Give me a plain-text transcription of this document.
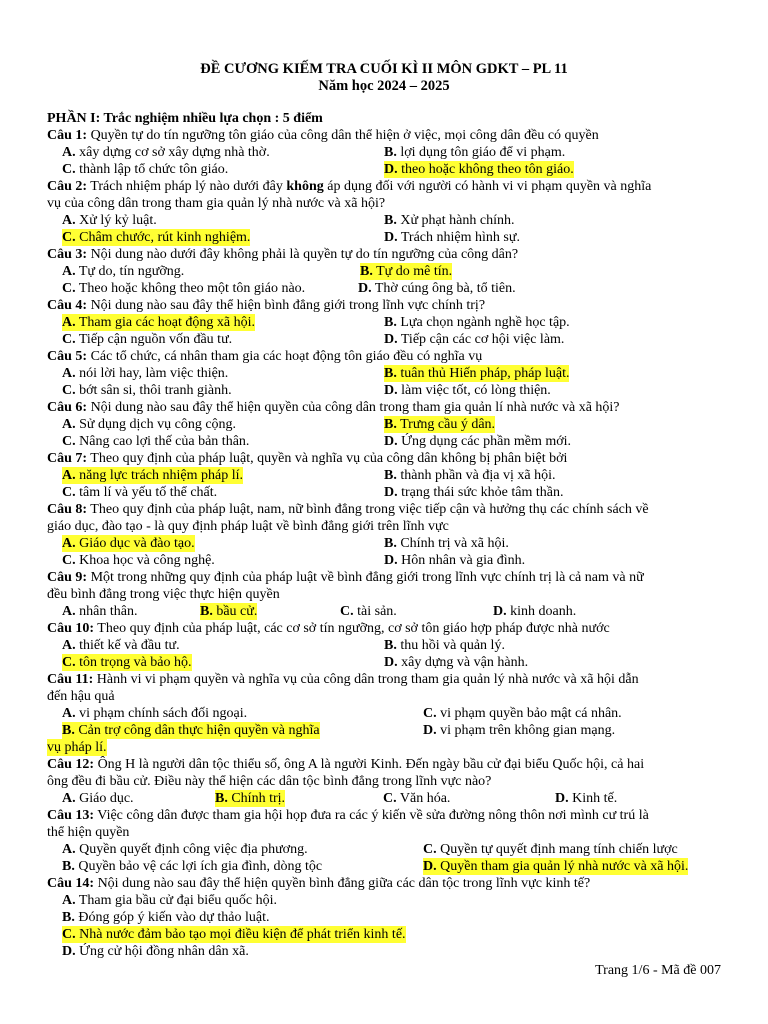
ĐỀ CƯƠNG KIẾM TRA CUỐI KÌ II MÔN GDKT – PL 11
Năm học 2024 – 2025
PHẦN I: Trắc nghiệm nhiều lựa chọn : 5 điểm
Câu 1: Quyền tự do tín ngưỡng tôn giáo của công dân thể hiện ở việc, mọi công dân đều có quyền
A. xây dựng cơ sở xây dựng nhà thờ.	B. lợi dụng tôn giáo để vi phạm.
C. thành lập tổ chức tôn giáo.	D. theo hoặc không theo tôn giáo.
Câu 2: Trách nhiệm pháp lý nào dưới đây không áp dụng đối với người có hành vi vi phạm quyền và nghĩa
vụ của công dân trong tham gia quản lý nhà nước và xã hội?
A. Xử lý kỷ luật.	B. Xử phạt hành chính.
C. Châm chước, rút kinh nghiệm.	D. Trách nhiệm hình sự.
Câu 3: Nội dung nào dưới đây không phải là quyền tự do tín ngưỡng của công dân?
A. Tự do, tín ngưỡng.	B. Tự do mê tín.
C. Theo hoặc không theo một tôn giáo nào.	D. Thờ cúng ông bà, tổ tiên.
Câu 4: Nội dung nào sau đây thể hiện bình đẳng giới trong lĩnh vực chính trị?
A. Tham gia các hoạt động xã hội.	B. Lựa chọn ngành nghề học tập.
C. Tiếp cận nguồn vốn đầu tư.	D. Tiếp cận các cơ hội việc làm.
Câu 5: Các tổ chức, cá nhân tham gia các hoạt động tôn giáo đều có nghĩa vụ
A. nói lời hay, làm việc thiện.	B. tuân thủ Hiến pháp, pháp luật.
C. bớt sân si, thôi tranh giành.	D. làm việc tốt, có lòng thiện.
Câu 6: Nội dung nào sau đây thể hiện quyền của công dân trong tham gia quản lí nhà nước và xã hội?
A. Sử dụng dịch vụ công cộng.	B. Trưng cầu ý dân.
C. Nâng cao lợi thế của bản thân.	D. Ứng dụng các phần mềm mới.
Câu 7: Theo quy định của pháp luật, quyền và nghĩa vụ của công dân không bị phân biệt bởi
A. năng lực trách nhiệm pháp lí.	B. thành phần và địa vị xã hội.
C. tâm lí và yếu tố thể chất.	D. trạng thái sức khỏe tâm thần.
Câu 8: Theo quy định của pháp luật, nam, nữ bình đẳng trong việc tiếp cận và hưởng thụ các chính sách về
giáo dục, đào tạo - là quy định pháp luật về bình đẳng giới trên lĩnh vực
A. Giáo dục và đào tạo.	B. Chính trị và xã hội.
C. Khoa học và công nghệ.	D. Hôn nhân và gia đình.
Câu 9: Một trong những quy định của pháp luật về bình đẳng giới trong lĩnh vực chính trị là cả nam và nữ
đều bình đẳng trong việc thực hiện quyền
A. nhân thân.	B. bầu cử.	C. tài sản.	D. kinh doanh.
Câu 10: Theo quy định của pháp luật, các cơ sở tín ngưỡng, cơ sở tôn giáo hợp pháp được nhà nước
A. thiết kế và đầu tư.	B. thu hồi và quản lý.
C. tôn trọng và bảo hộ.	D. xây dựng và vận hành.
Câu 11: Hành vi vi phạm quyền và nghĩa vụ của công dân trong tham gia quản lý nhà nước và xã hội dẫn
đến hậu quả
A. vi phạm chính sách đối ngoại.	C. vi phạm quyền bảo mật cá nhân.
B. Cản trợ công dân thực hiện quyền và nghĩa	D. vi phạm trên không gian mạng.
vụ pháp lí.
Câu 12: Ông H là người dân tộc thiểu số, ông A là người Kinh. Đến ngày bầu cử đại biểu Quốc hội, cả hai
ông đều đi bầu cử. Điều này thể hiện các dân tộc bình đẳng trong lĩnh vực nào?
A. Giáo dục.	B. Chính trị.	C. Văn hóa.	D. Kinh tế.
Câu 13: Việc công dân được tham gia hội họp đưa ra các ý kiến về sửa đường nông thôn nơi mình cư trú là
thể hiện quyền
A. Quyền quyết định công việc địa phương.	C. Quyền tự quyết định mang tính chiến lược
B. Quyền bảo vệ các lợi ích gia đình, dòng tộc	D. Quyền tham gia quản lý nhà nước và xã hội.
Câu 14: Nội dung nào sau đây thể hiện quyền bình đẳng giữa các dân tộc trong lĩnh vực kinh tế?
A. Tham gia bầu cử đại biểu quốc hội.
B. Đóng góp ý kiến vào dự thảo luật.
C. Nhà nước đảm bảo tạo mọi điều kiện để phát triển kinh tế.
D. Ứng cử hội đồng nhân dân xã.
Trang 1/6 - Mã đề 007
